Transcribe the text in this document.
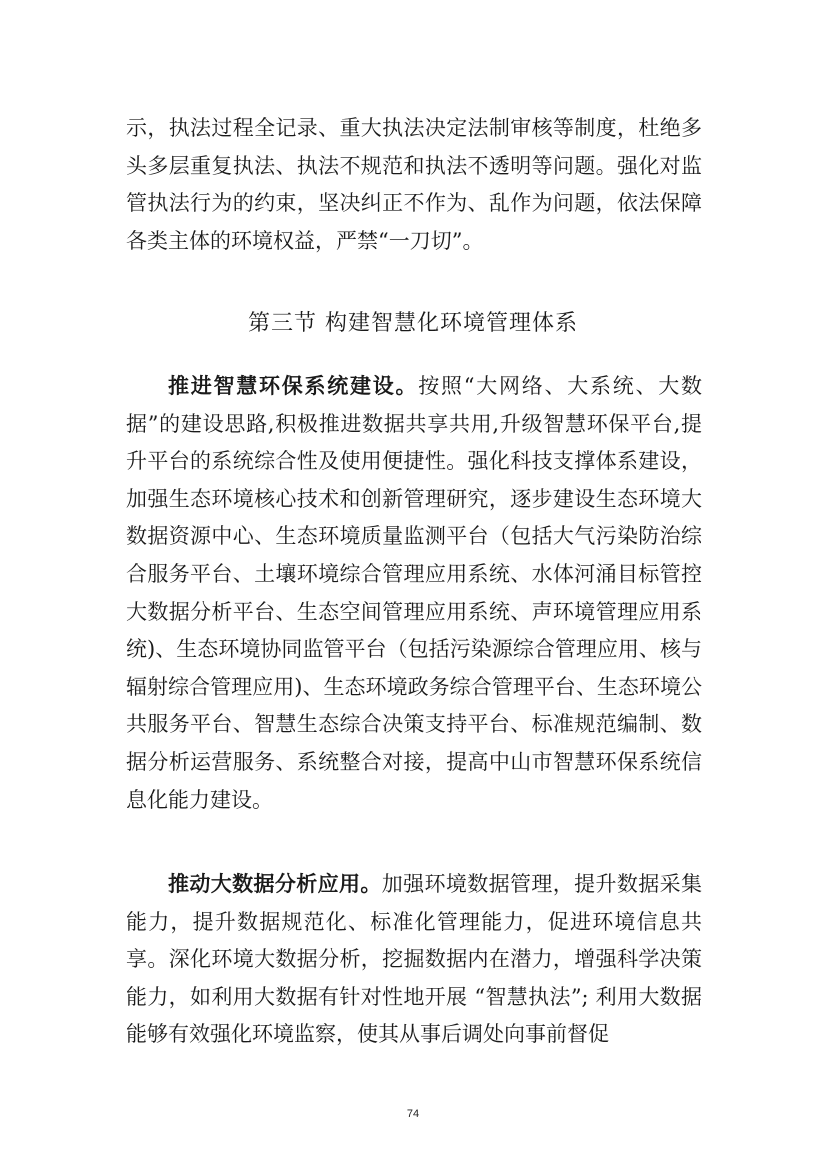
示，执法过程全记录、重大执法决定法制审核等制度，杜绝多头多层重复执法、执法不规范和执法不透明等问题。强化对监管执法行为的约束，坚决纠正不作为、乱作为问题，依法保障各类主体的环境权益，严禁“一刀切”。

第三节 构建智慧化环境管理体系

推进智慧环保系统建设。按照“大网络、大系统、大数据”的建设思路,积极推进数据共享共用,升级智慧环保平台,提升平台的系统综合性及使用便捷性。强化科技支撑体系建设，加强生态环境核心技术和创新管理研究，逐步建设生态环境大数据资源中心、生态环境质量监测平台（包括大气污染防治综合服务平台、土壤环境综合管理应用系统、水体河涌目标管控大数据分析平台、生态空间管理应用系统、声环境管理应用系统)、生态环境协同监管平台（包括污染源综合管理应用、核与辐射综合管理应用)、生态环境政务综合管理平台、生态环境公共服务平台、智慧生态综合决策支持平台、标准规范编制、数据分析运营服务、系统整合对接，提高中山市智慧环保系统信息化能力建设。

推动大数据分析应用。加强环境数据管理，提升数据采集能力，提升数据规范化、标准化管理能力，促进环境信息共享。深化环境大数据分析，挖掘数据内在潜力，增强科学决策能力，如利用大数据有针对性地开展 “智慧执法”; 利用大数据能够有效强化环境监察，使其从事后调处向事前督促

74
